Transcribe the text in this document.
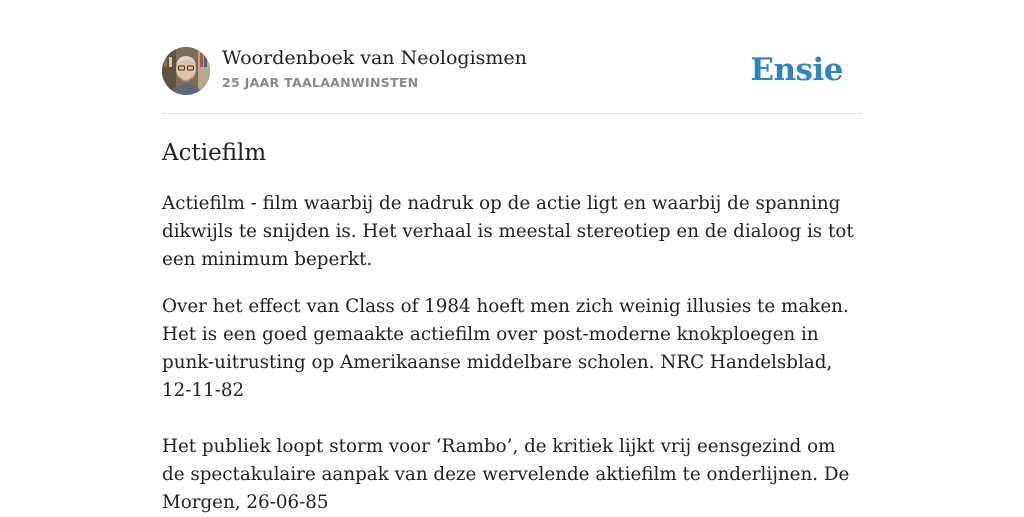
Woordenboek van Neologismen
25 JAAR TAALAANWINSTEN	Ensie
Actiefilm

Actiefilm - film waarbij de nadruk op de actie ligt en waarbij de spanning dikwijls te snijden is. Het verhaal is meestal stereotiep en de dialoog is tot een minimum beperkt.

Over het effect van Class of 1984 hoeft men zich weinig illusies te maken. Het is een goed gemaakte actiefilm over post-moderne knokploegen in punk-uitrusting op Amerikaanse middelbare scholen. NRC Handelsblad, 12-11-82

Het publiek loopt storm voor ‘Rambo’, de kritiek lijkt vrij eensgezind om de spectakulaire aanpak van deze wervelende aktiefilm te onderlijnen. De Morgen, 26-06-85
